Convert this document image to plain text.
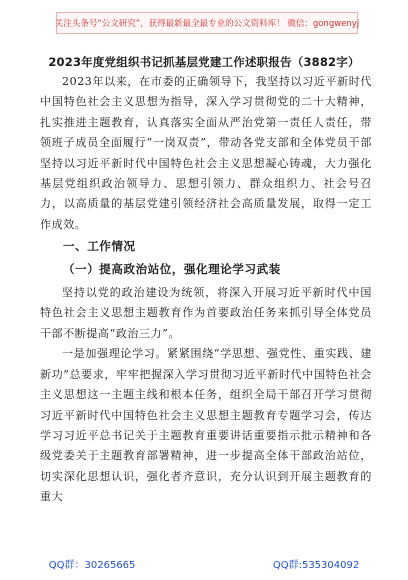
关注头条号“公文研究”，获得最新最全最专业的公文资料库！ 微信：gongwenyj
2023年度党组织书记抓基层党建工作述职报告（3882字）

2023年以来，在市委的正确领导下，我坚持以习近平新时代中国特色社会主义思想为指导，深入学习贯彻党的二十大精神，扎实推进主题教育，认真落实全面从严治党第一责任人责任，带领班子成员全面履行“一岗双责”，带动各党支部和全体党员干部坚持以习近平新时代中国特色社会主义思想凝心铸魂，大力强化基层党组织政治领导力、思想引领力、群众组织力、社会号召力，以高质量的基层党建引领经济社会高质量发展，取得一定工作成效。

一、工作情况
（一）提高政治站位，强化理论学习武装

坚持以党的政治建设为统领，将深入开展习近平新时代中国特色社会主义思想主题教育作为首要政治任务来抓引导全体党员干部不断提高“政治三力”。

一是加强理论学习。紧紧围绕“学思想、强党性、重实践、建新功”总要求，牢牢把握深入学习贯彻习近平新时代中国特色社会主义思想这一主题主线和根本任务，组织全局干部召开学习贯彻习近平新时代中国特色社会主义思想主题教育专题学习会，传达学习习近平总书记关于主题教育重要讲话重要指示批示精神和各级党委关于主题教育部署精神，进一步提高全体干部政治站位，切实深化思想认识，强化者齐意识，充分认识到开展主题教育的重大

QQ群：30265665	QQ群:535304092
